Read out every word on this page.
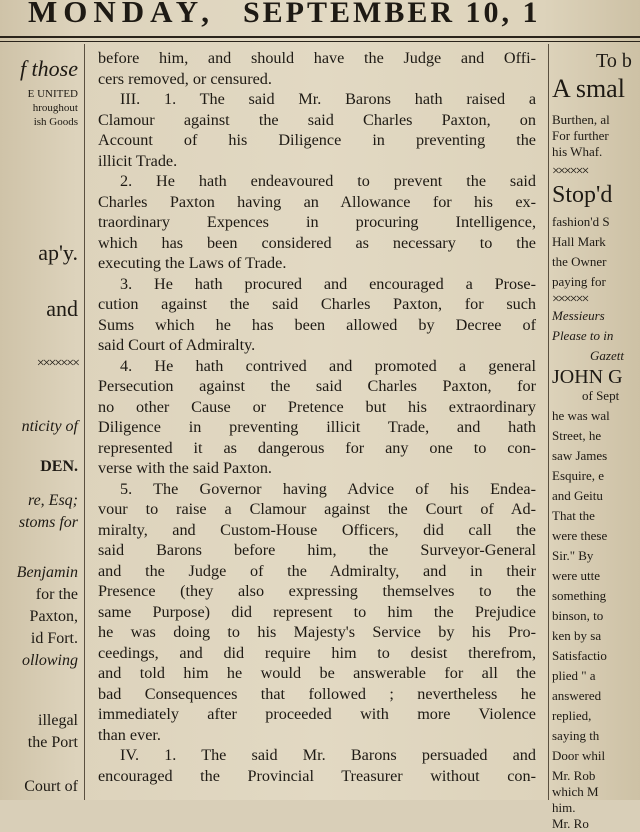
MONDAY, SEPTEMBER 10, 1
f those
E UNITED
hroughout
ish Goods
ap'y.
and
×××××××
nticity of
DEN.
re, Esq;
stoms for
Benjamin
for the
Paxton,
id Fort.
ollowing
illegal
the Port
Court of
before him, and should have the Judge and Offi-
cers removed, or censured.
III. 1. The said Mr. Barons hath raised a
Clamour against the said Charles Paxton, on
Account of his Diligence in preventing the
illicit Trade.
2. He hath endeavoured to prevent the said
Charles Paxton having an Allowance for his ex-
traordinary Expences in procuring Intelligence,
which has been considered as necessary to the
executing the Laws of Trade.
3. He hath procured and encouraged a Prose-
cution against the said Charles Paxton, for such
Sums which he has been allowed by Decree of
said Court of Admiralty.
4. He hath contrived and promoted a general
Persecution against the said Charles Paxton, for
no other Cause or Pretence but his extraordinary
Diligence in preventing illicit Trade, and hath
represented it as dangerous for any one to con-
verse with the said Paxton.
5. The Governor having Advice of his Endea-
vour to raise a Clamour against the Court of Ad-
miralty, and Custom-House Officers, did call the
said Barons before him, the Surveyor-General
and the Judge of the Admiralty, and in their
Presence (they also expressing themselves to the
same Purpose) did represent to him the Prejudice
he was doing to his Majesty's Service by his Pro-
ceedings, and did require him to desist therefrom,
and told him he would be answerable for all the
bad Consequences that followed ; nevertheless he
immediately after proceeded with more Violence
than ever.
IV. 1. The said Mr. Barons persuaded and
encouraged the Provincial Treasurer without con-
To b
A smal
Burthen, al
For further
his Whaf.
××××××
Stop'd
fashion'd S
Hall Mark
the Owner
paying for
××××××
Messieurs
Please to in
Gazett
JOHN G
of Sept
he was wal
Street, he
saw James
Esquire, e
and Geitu
That the
were these
Sir." By
were utte
something
binson, to
ken by sa
Satisfactio
plied " a
answered
replied,
saying th
Door whil
Mr. Rob
which M
him.
Mr. Ro
